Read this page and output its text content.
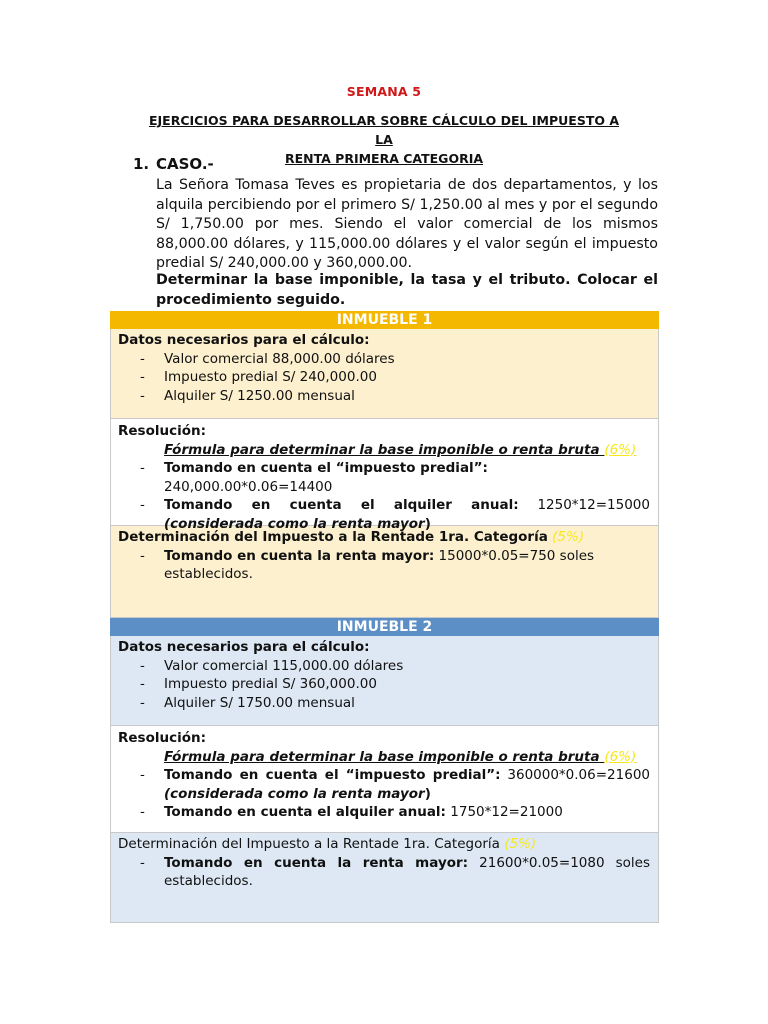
SEMANA 5
EJERCICIOS PARA DESARROLLAR SOBRE CÁLCULO DEL IMPUESTO A LA
RENTA PRIMERA CATEGORIA
1. CASO.-
La Señora Tomasa Teves es propietaria de dos departamentos, y los alquila percibiendo por el primero S/ 1,250.00 al mes y por el segundo S/ 1,750.00 por mes. Siendo el valor comercial de los mismos 88,000.00 dólares, y 115,000.00 dólares y el valor según el impuesto predial S/ 240,000.00 y 360,000.00.
Determinar la base imponible, la tasa y el tributo. Colocar el procedimiento seguido.
INMUEBLE 1
Datos necesarios para el cálculo:
- Valor comercial 88,000.00 dólares
- Impuesto predial S/ 240,000.00
- Alquiler S/ 1250.00 mensual
Resolución:
Fórmula para determinar la base imponible o renta bruta (6%)
- Tomando en cuenta el “impuesto predial”: 240,000.00*0.06=14400
- Tomando en cuenta el alquiler anual: 1250*12=15000 (considerada como la renta mayor)
Determinación del Impuesto a la Rentade 1ra. Categoría (5%)
- Tomando en cuenta la renta mayor: 15000*0.05=750 soles establecidos.
INMUEBLE 2
Datos necesarios para el cálculo:
- Valor comercial 115,000.00 dólares
- Impuesto predial S/ 360,000.00
- Alquiler S/ 1750.00 mensual
Resolución:
Fórmula para determinar la base imponible o renta bruta (6%)
- Tomando en cuenta el “impuesto predial”: 360000*0.06=21600 (considerada como la renta mayor)
- Tomando en cuenta el alquiler anual: 1750*12=21000
Determinación del Impuesto a la Rentade 1ra. Categoría (5%)
- Tomando en cuenta la renta mayor: 21600*0.05=1080 soles establecidos.
